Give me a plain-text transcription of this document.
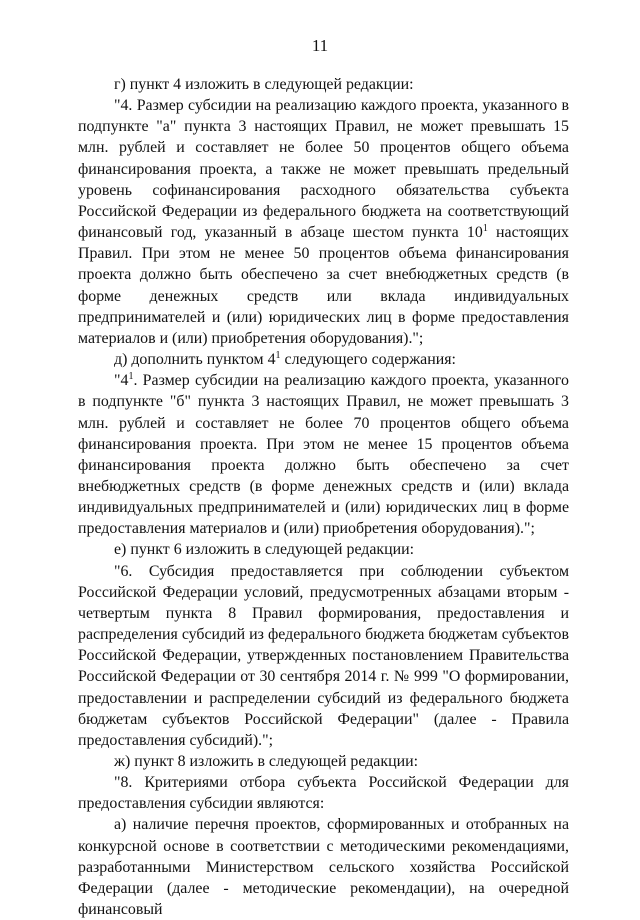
11

г) пункт 4 изложить в следующей редакции:

"4. Размер субсидии на реализацию каждого проекта, указанного в подпункте "а" пункта 3 настоящих Правил, не может превышать 15 млн. рублей и составляет не более 50 процентов общего объема финансирования проекта, а также не может превышать предельный уровень софинансирования расходного обязательства субъекта Российской Федерации из федерального бюджета на соответствующий финансовый год, указанный в абзаце шестом пункта $10^1$ настоящих Правил. При этом не менее 50 процентов объема финансирования проекта должно быть обеспечено за счет внебюджетных средств (в форме денежных средств или вклада индивидуальных предпринимателей и (или) юридических лиц в форме предоставления материалов и (или) приобретения оборудования).";

д) дополнить пунктом $4^1$ следующего содержания:

"$4^1$. Размер субсидии на реализацию каждого проекта, указанного в подпункте "б" пункта 3 настоящих Правил, не может превышать 3 млн. рублей и составляет не более 70 процентов общего объема финансирования проекта. При этом не менее 15 процентов объема финансирования проекта должно быть обеспечено за счет внебюджетных средств (в форме денежных средств и (или) вклада индивидуальных предпринимателей и (или) юридических лиц в форме предоставления материалов и (или) приобретения оборудования).";

е) пункт 6 изложить в следующей редакции:

"6. Субсидия предоставляется при соблюдении субъектом Российской Федерации условий, предусмотренных абзацами вторым - четвертым пункта 8 Правил формирования, предоставления и распределения субсидий из федерального бюджета бюджетам субъектов Российской Федерации, утвержденных постановлением Правительства Российской Федерации от 30 сентября 2014 г. № 999 "О формировании, предоставлении и распределении субсидий из федерального бюджета бюджетам субъектов Российской Федерации" (далее - Правила предоставления субсидий).";

ж) пункт 8 изложить в следующей редакции:

"8. Критериями отбора субъекта Российской Федерации для предоставления субсидии являются:

а) наличие перечня проектов, сформированных и отобранных на конкурсной основе в соответствии с методическими рекомендациями, разработанными Министерством сельского хозяйства Российской Федерации (далее - методические рекомендации), на очередной финансовый
